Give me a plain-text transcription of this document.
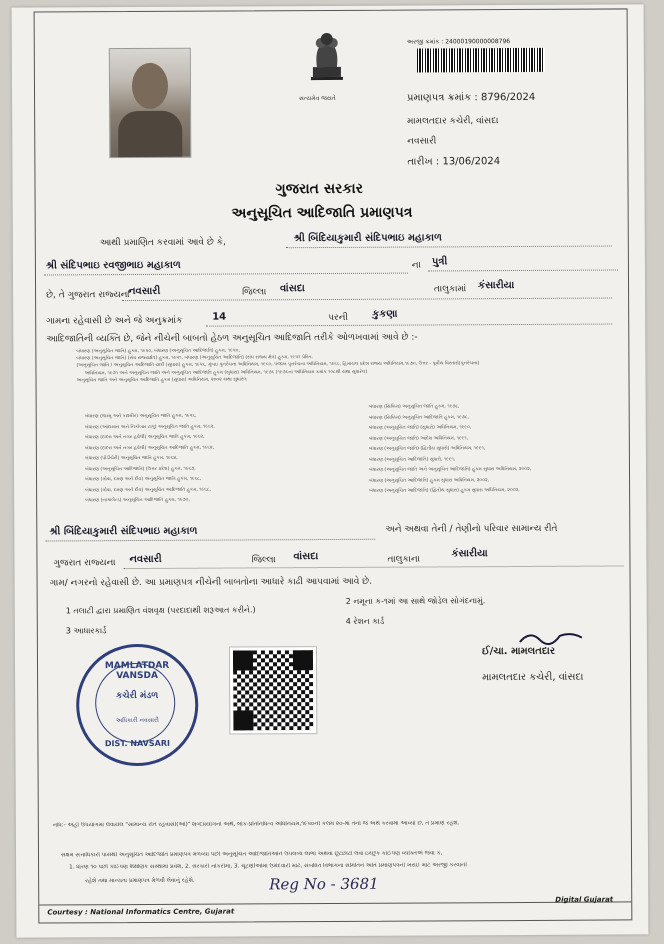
સત્યમેવ જયતે
અરજી ક્રમાંક : 24000190000008796
પ્રમાણપત્ર ક્રમાંક : 8796/2024
મામલતદાર કચેરી, વાંસદા
નવસારી
તારીખ : 13/06/2024
ગુજરાત સરકાર
અનુસૂચિત આદિજાતિ પ્રમાણપત્ર
આથી પ્રમાણિત કરવામાં આવે છે કે,	શ્રી બિંદિયાકુમારી સંદિપભાઇ મહાકાળ
શ્રી સંદિપભાઇ રવજીભાઇ મહાકાળ	ના પુત્રી
છે, તે ગુજરાત રાજ્યના
નવસારી	જિલ્લા વાંસદા	તાલુકામાં કંસારીયા
ગામના રહેવાસી છે અને જે અનુક્રમાંક	14	પરની કુકણા
આદિજાતિની વ્યક્તિ છે, જેને નીચેની બાબતો હેઠળ અનુસૂચિત આદિજાતિ તરીકે ઓળખવામાં આવે છે :-
બંધારણ (અનુસૂચિત જાતિ) હુકમ, ૧૯૫૦, બંધારણ (અનુસૂચિત આદિજાતિ) હુકમ, ૧૯૫૦,
બંધારણ (અનુસૂચિત જાતિ) (સંઘ રાજ્યક્ષેત્ર) હુકમ, ૧૯૫૧, બંધારણ (અનુસૂચિત આદિજાતિ) (સંઘ રાજ્ય ક્ષેત્ર) હુકમ, ૧૯૫૧ પ્રેરિત.
(અનુસૂચિત જાતિ / અનુસૂચિત આદિજાતિ યાદી (સુધારા) હુકમ, ૧૯૫૬, મુંબઇ પુનર્રચના અધિનિયમ, ૧૯૬૦, પંજાબ પુનર્રચના અધિનિયમ, ૧૯૬૬, હિમાચલ પ્રદેશ રાજ્ય અધિનિયમ,૧૯૭૦, ઉત્તર - પૂર્વીય વિસ્તારો(પુનર્રચના)
અધિનિયમ, ૧૯૭૧ અને અનુસૂચિત જાતિ અને અનુસૂચિત આદિજાતિ હુકમ (સુધારા) અધિનિયમ, ૧૯૭૬ (૧૯૭૬ના અધિનિયમ ક્રમાંક ૧૦૮થી યથા સુધારેલ)
અનુસૂચિત જાતિ અને અનુસૂચિત આદિજાતિ હુકમ (સુધારા) અધિનિયમ, ૨૦૦૨ યથા સુધારેલ
બંધારણ (જમ્મુ અને કાશ્મીર) અનુસૂચિત જાતિ હુકમ, ૧૯૫૬,
બંધારણ (આંદામાન અને નિકોબાર ટાપુ) અનુસૂચિત જાતિ હુકમ, ૧૯૬૨,
બંધારણ (દાદરા અને નગર હવેલી) અનુસૂચિત જાતિ હુકમ, ૧૯૬૨,
બંધારણ (દાદરા અને નગર હવેલી) અનુસૂચિત આદિજાતિ હુકમ, ૧૯૬૨,
બંધારણ (પોંડીચેરી) અનુસૂચિત જાતિ હુકમ, ૧૯૬૪,
બંધારણ (અનુસૂચિત આદિજાતિ) (ઉત્તર પ્રદેશ) હુકમ, ૧૯૬૭,
બંધારણ (ગોવા, દમણ અને દીવ) અનુસૂચિત જાતિ હુકમ, ૧૯૬૮,
બંધારણ (ગોવા, દમણ અને દીવ) અનુસૂચિત આદિજાતિ હુકમ, ૧૯૬૮,
બંધારણ (નાગાલેન્ડ) અનુસૂચિત આદિજાતિ હુકમ, ૧૯૭૦,
બંધારણ (સિક્કિમ) અનુસૂચિત જાતિ હુકમ, ૧૯૭૮,
બંધારણ (સિક્કિમ) અનુસૂચિત આદિજાતિ હુકમ, ૧૯૭૮,
બંધારણ (અનુસૂચિત જાતિ) (સુધારો) અધિનિયમ, ૧૯૯૦,
બંધારણ (અનુસૂચિત જાતિ) આદેશ અધિનિયમ, ૧૯૯૧,
બંધારણ (અનુસૂચિત જાતિ) (દ્વિતીય સુધારો) અધિનિયમ, ૧૯૯૧,
બંધારણ (અનુસૂચિત આદિજાતિ) સુધારો, ૧૯૯૧,
બંધારણ (અનુસૂચિત જાતિ અને અનુસૂચિત આદિજાતિ) હુકમ સુધારા અધિનિયમ, ૨૦૦૨,
બંધારણ (અનુસૂચિત આદિજાતિ) હુકમ સુધારા અધિનિયમ, ૨૦૦૨,
બંધારણ (અનુસૂચિત આદિજાતિ) (દ્વિતીય સુધારા) હુકમ સુધારા અધિનિયમ, ૨૦૦૨,
શ્રી બિંદિયાકુમારી સંદિપભાઇ મહાકાળ	અને અથવા તેની / તેણીનો પરિવાર સામાન્ય રીતે
ગુજરાત રાજ્યના નવસારી	જિલ્લા વાંસદા	તાલુકાના
કંસારીયા
ગામ/ નગરનો રહેવાસી છે. આ પ્રમાણપત્ર નીચેની બાબતોના આધારે કાઢી આપવામાં આવે છે.
1 તલાટી દ્વારા પ્રમાણિત વંશવૃક્ષ (પરદાદાથી શરૂઆત કરીને.)
2 નમૂના ક-૧માં આ સાથે જોડેલ સોગંદનામું.
3 આધારકાર્ડ
4 રેશન કાર્ડ
MAMLATDAR VANSDA
કચેરી મંડળ
અધિકારી નવસારી
DIST. NAVSARI
ઈ/ચા. મામલતદાર
મામલતદાર કચેરી, વાંસદા
નોંધ:- અહીં ઉપયોગમાં લેવાયેલ "સામાન્ય રીતે રહેવાસી(ઓ)" શબ્દપ્રયોગનો અર્થ, લોક-પ્રતિનિધિત્વ અધિનિયમ,૧૯૫૦ની કલમ ૨૦-માં તેનો જે અર્થ કરવામાં આવ્યો છે, તે પ્રમાણે રહેશે.
સક્ષમ સત્તાધિકારી પાસેથી અનુસૂચિત આદિજાતિ પ્રમાણપત્ર મેળવ્યા પછી અનુસૂચિત આદિજાતિઓને ઉપલબ્ધ લાભો અથવા છૂટછાટો લેવા ઇચ્છુક કોઈપણ વ્યક્તિએ જેવા કે,
1. ધોરણ ૧૦ પછી કોઈપણ શૈક્ષણિક સંસ્થામાં પ્રવેશ, 2. સરકારી નોકરીમાં, 3. ચૂંટણીઓમાં ઉમેદવારી માટે, સંબંધિત વિભાગના સમિતિને અતિ પ્રમાણપત્રની ખરાઈ માટે અરજી કરવાની
રહેશે તથા માન્યતા પ્રમાણપત્ર મેળવી લેવાનું રહેશે.	Reg No - 3681
Courtesy : National Informatics Centre, Gujarat
Digital Gujarat
